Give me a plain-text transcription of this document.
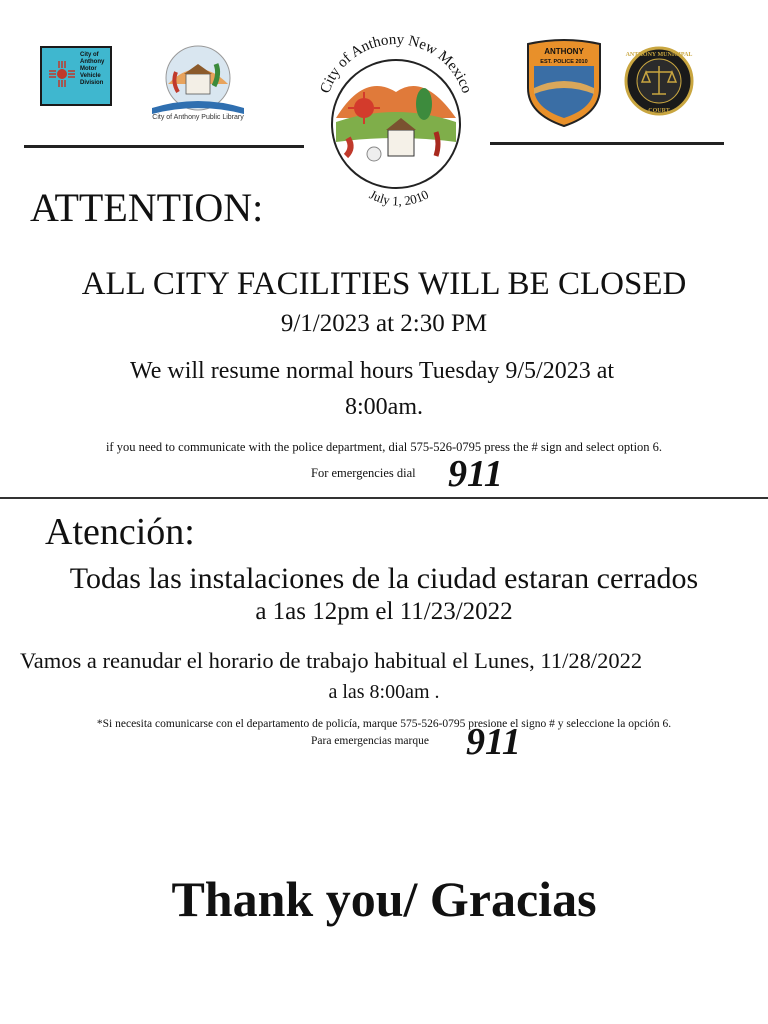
City of Anthony Motor Vehicle Division
City of Anthony Public Library
City of Anthony New Mexico
July 1, 2010
ANTHONY
EST. POLICE 2010
ANTHONY MUNICIPAL
COURT
ATTENTION:
ALL CITY FACILITIES WILL BE CLOSED
9/1/2023 at 2:30 PM
We will resume normal hours Tuesday 9/5/2023 at
8:00am.
if you need to communicate with the police department, dial 575-526-0795 press the # sign and select option 6.
For emergencies dial 911
Atención:
Todas las instalaciones de la ciudad estaran cerrados
a 1as 12pm el 11/23/2022
Vamos a reanudar el horario de trabajo habitual el Lunes, 11/28/2022
a las 8:00am .
*Si necesita comunicarse con el departamento de policía, marque 575-526-0795 presione el signo # y seleccione la opción 6.
Para emergencias marque 911
Thank you/ Gracias
